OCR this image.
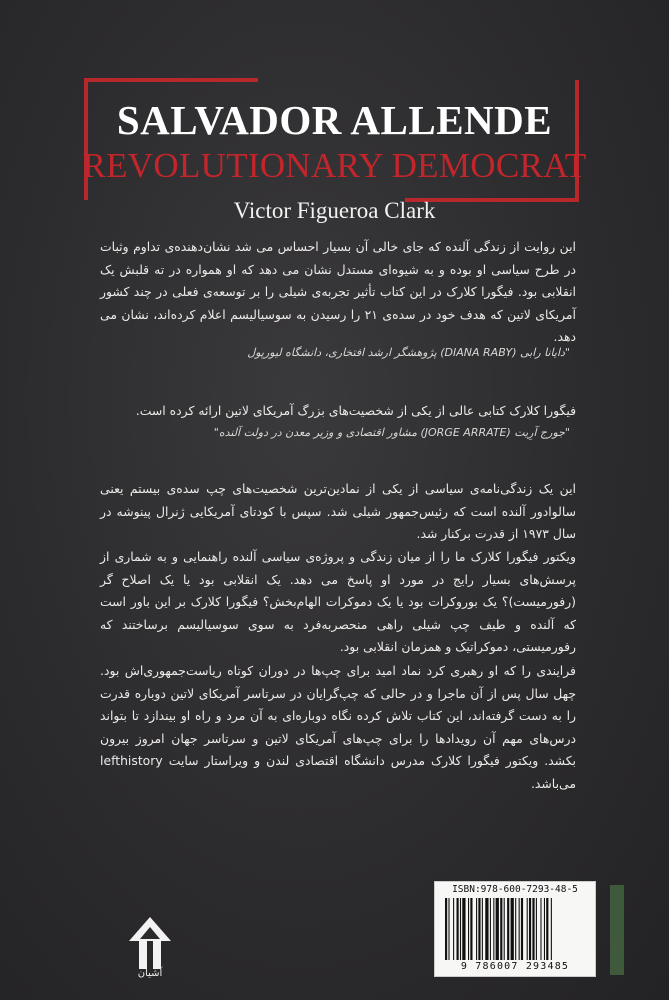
SALVADOR ALLENDE
REVOLUTIONARY DEMOCRAT
Victor Figueroa Clark
این روایت از زندگی آلنده که جای خالی آن بسیار احساس می شد نشان‌دهنده‌ی تداوم وثبات در طرح سیاسی او بوده و به شیوه‌ای مستدل نشان می دهد که او همواره در ته قلبش یک انقلابی بود. فیگورا کلارک در این کتاب تأثیر تجربه‌ی شیلی را بر توسعه‌ی فعلی در چند کشور آمریکای لاتین که هدف خود در سده‌ی ۲۱ را رسیدن به سوسیالیسم اعلام کرده‌اند، نشان می دهد.
"دایانا رابی (DIANA RABY) پژوهشگر ارشد افتخاری، دانشگاه لیورپول
فیگورا کلارک کتابی عالی از یکی از شخصیت‌های بزرگ آمریکای لاتین ارائه کرده است.
"جورج آرِیت (JORGE ARRATE) مشاور اقتصادی و وزیر معدن در دولت آلنده"
این یک زندگی‌نامه‌ی سیاسی از یکی از نمادین‌ترین شخصیت‌های چپ سده‌ی بیستم یعنی سالوادور آلنده است که رئیس‌جمهور شیلی شد. سپس با کودتای آمریکایی ژنرال پینوشه در سال ۱۹۷۳ از قدرت برکنار شد.
ویکتور فیگورا کلارک ما را از میان زندگی و پروژه‌ی سیاسی آلنده راهنمایی و به شماری از پرسش‌های بسیار رایج در مورد او پاسخ می دهد. یک انقلابی بود یا یک اصلاح گر (رفورمیست)؟ یک بوروکرات بود یا یک دموکرات الهام‌بخش؟ فیگورا کلارک بر این باور است که آلنده و طیف چپ شیلی راهی منحصربه‌فرد به سوی سوسیالیسم برساختند که رفورمیستی، دموکراتیک و همزمان انقلابی بود.
فرایندی را که او رهبری کرد نماد امید برای چپ‌ها در دوران کوتاه ریاست‌جمهوری‌اش بود. چهل سال پس از آن ماجرا و در حالی که چپ‌گرایان در سرتاسر آمریکای لاتین دوباره قدرت را به دست گرفته‌اند، این کتاب تلاش کرده نگاه دوباره‌ای به آن مرد و راه او بیندازد تا بتواند درس‌های مهم آن رویدادها را برای چپ‌های آمریکای لاتین و سرتاسر جهان امروز بیرون بکشد. ویکتور فیگورا کلارک مدرس دانشگاه اقتصادی لندن و ویراستار سایت lefthistory می‌باشد.
آشیان
ISBN:978-600-7293-48-5
9 786007 293485
